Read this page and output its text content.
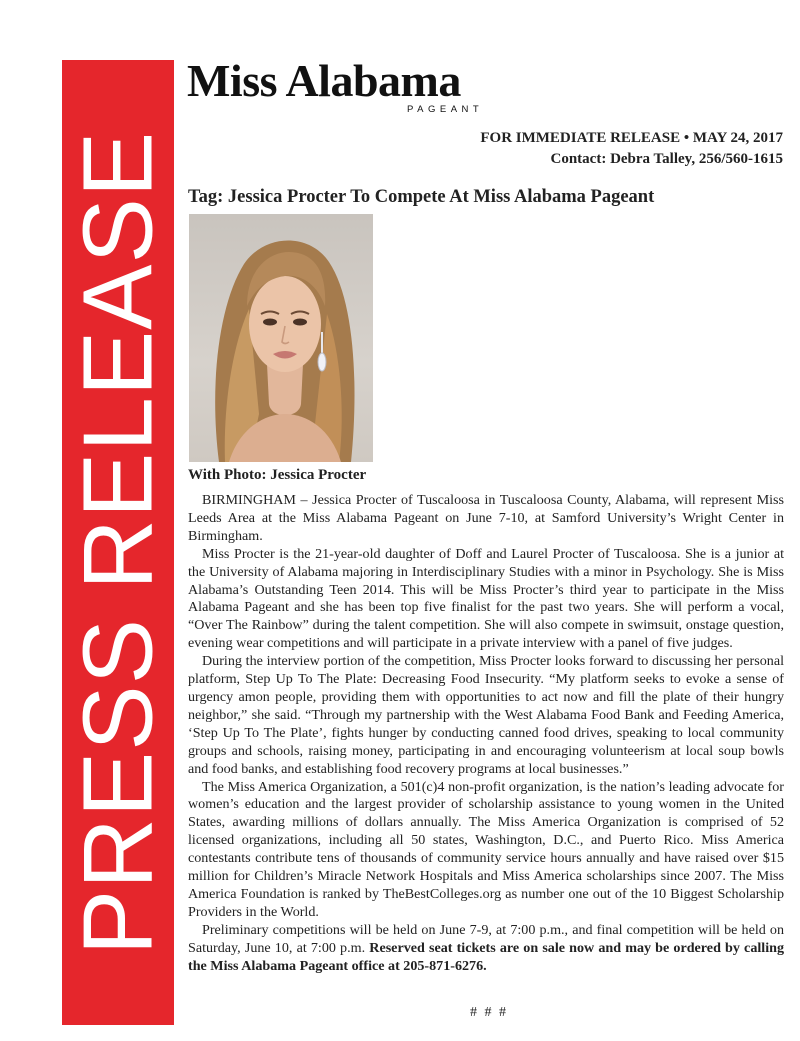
PRESS RELEASE
Miss Alabama
PAGEANT
FOR IMMEDIATE RELEASE • MAY 24, 2017
Contact: Debra Talley, 256/560-1615
Tag: Jessica Procter To Compete At Miss Alabama Pageant
With Photo: Jessica Procter

BIRMINGHAM – Jessica Procter of Tuscaloosa in Tuscaloosa County, Alabama, will represent Miss Leeds Area at the Miss Alabama Pageant on June 7-10, at Samford University’s Wright Center in Birmingham.

Miss Procter is the 21-year-old daughter of Doff and Laurel Procter of Tuscaloosa. She is a junior at the University of Alabama majoring in Interdisciplinary Studies with a minor in Psychology. She is Miss Alabama’s Outstanding Teen 2014. This will be Miss Procter’s third year to participate in the Miss Alabama Pageant and she has been top five finalist for the past two years. She will perform a vocal, “Over The Rainbow” during the talent competition. She will also compete in swimsuit, onstage question, evening wear competitions and will participate in a private interview with a panel of five judges.

During the interview portion of the competition, Miss Procter looks forward to discussing her personal platform, Step Up To The Plate: Decreasing Food Insecurity. “My platform seeks to evoke a sense of urgency amon people, providing them with opportunities to act now and fill the plate of their hungry neighbor,” she said. “Through my partnership with the West Alabama Food Bank and Feeding America, ‘Step Up To The Plate’, fights hunger by conducting canned food drives, speaking to local community groups and schools, raising money, participating in and encouraging volunteerism at local soup bowls and food banks, and establishing food recovery programs at local businesses.”

The Miss America Organization, a 501(c)4 non-profit organization, is the nation’s leading advocate for women’s education and the largest provider of scholarship assistance to young women in the United States, awarding millions of dollars annually. The Miss America Organization is comprised of 52 licensed organizations, including all 50 states, Washington, D.C., and Puerto Rico. Miss America contestants contribute tens of thousands of community service hours annually and have raised over $15 million for Children’s Miracle Network Hospitals and Miss America scholarships since 2007. The Miss America Foundation is ranked by TheBestColleges.org as number one out of the 10 Biggest Scholarship Providers in the World.

Preliminary competitions will be held on June 7-9, at 7:00 p.m., and final competition will be held on Saturday, June 10, at 7:00 p.m. Reserved seat tickets are on sale now and may be ordered by calling the Miss Alabama Pageant office at 205-871-6276.

# # #
